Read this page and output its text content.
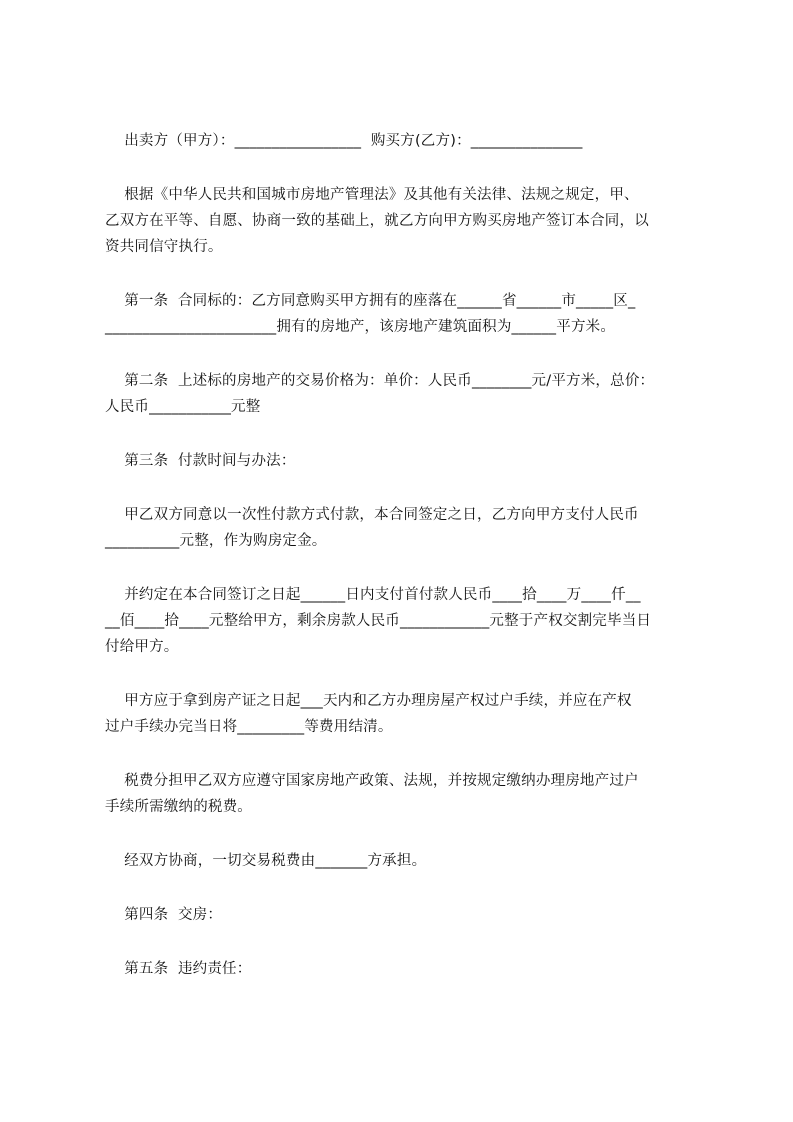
出卖方（甲方）：_________________  购买方(乙方)：_______________
根据《中华人民共和国城市房地产管理法》及其他有关法律、法规之规定，甲、
乙双方在平等、自愿、协商一致的基础上，就乙方向甲方购买房地产签订本合同，以
资共同信守执行。
第一条  合同标的：乙方同意购买甲方拥有的座落在______省______市_____区_
_______________________拥有的房地产，该房地产建筑面积为______平方米。
第二条  上述标的房地产的交易价格为：单价：人民币________元/平方米，总价：
人民币___________元整
第三条  付款时间与办法：
甲乙双方同意以一次性付款方式付款，本合同签定之日，乙方向甲方支付人民币
__________元整，作为购房定金。
并约定在本合同签订之日起______日内支付首付款人民币____拾____万____仟__
__佰____拾____元整给甲方，剩余房款人民币____________元整于产权交割完毕当日
付给甲方。
甲方应于拿到房产证之日起___天内和乙方办理房屋产权过户手续，并应在产权
过户手续办完当日将_________等费用结清。
税费分担甲乙双方应遵守国家房地产政策、法规，并按规定缴纳办理房地产过户
手续所需缴纳的税费。
经双方协商，一切交易税费由_______方承担。
第四条  交房：
第五条  违约责任：
